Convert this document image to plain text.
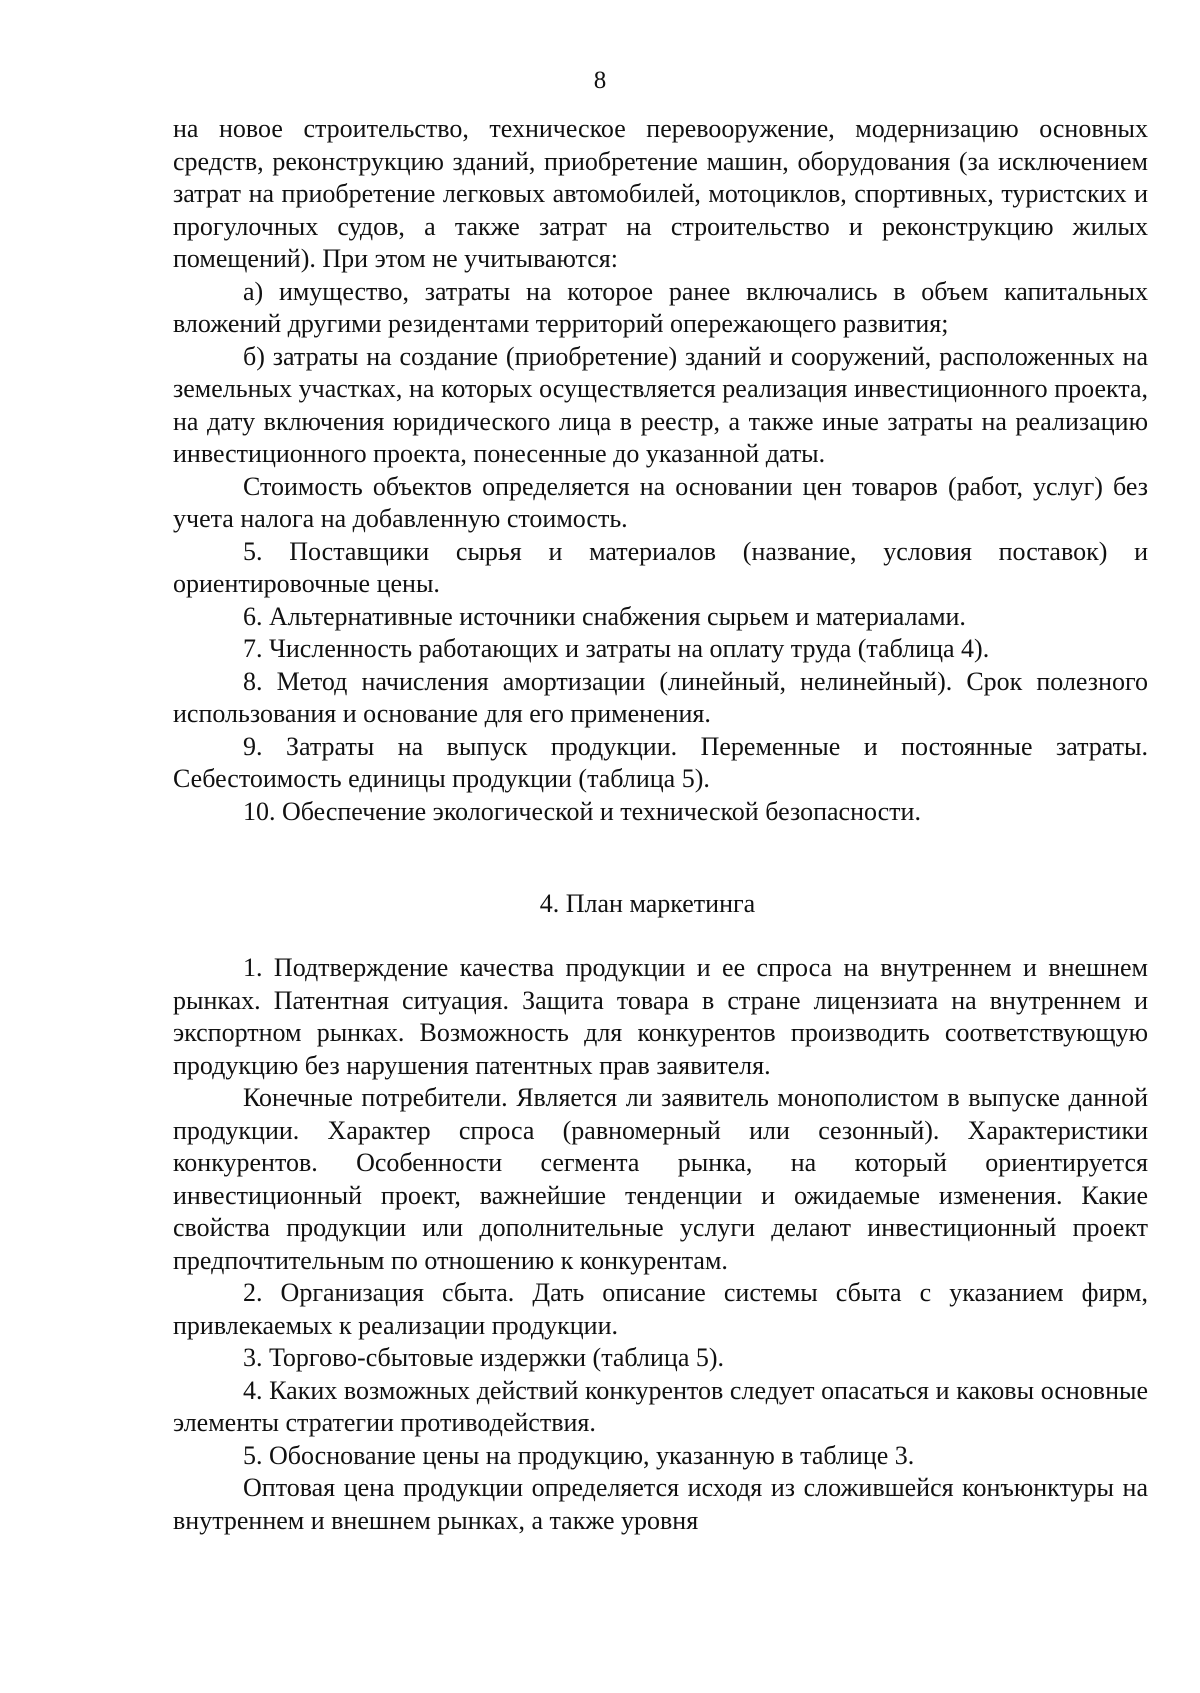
8

на новое строительство, техническое перевооружение, модернизацию основных средств, реконструкцию зданий, приобретение машин, оборудования (за исключением затрат на приобретение легковых автомобилей, мотоциклов, спортивных, туристских и прогулочных судов, а также затрат на строительство и реконструкцию жилых помещений). При этом не учитываются:

а) имущество, затраты на которое ранее включались в объем капитальных вложений другими резидентами территорий опережающего развития;

б) затраты на создание (приобретение) зданий и сооружений, расположенных на земельных участках, на которых осуществляется реализация инвестиционного проекта, на дату включения юридического лица в реестр, а также иные затраты на реализацию инвестиционного проекта, понесенные до указанной даты.

Стоимость объектов определяется на основании цен товаров (работ, услуг) без учета налога на добавленную стоимость.

5. Поставщики сырья и материалов (название, условия поставок) и ориентировочные цены.

6. Альтернативные источники снабжения сырьем и материалами.

7. Численность работающих и затраты на оплату труда (таблица 4).

8. Метод начисления амортизации (линейный, нелинейный). Срок полезного использования и основание для его применения.

9. Затраты на выпуск продукции. Переменные и постоянные затраты. Себестоимость единицы продукции (таблица 5).

10. Обеспечение экологической и технической безопасности.

4. План маркетинга

1. Подтверждение качества продукции и ее спроса на внутреннем и внешнем рынках. Патентная ситуация. Защита товара в стране лицензиата на внутреннем и экспортном рынках. Возможность для конкурентов производить соответствующую продукцию без нарушения патентных прав заявителя.

Конечные потребители. Является ли заявитель монополистом в выпуске данной продукции. Характер спроса (равномерный или сезонный). Характеристики конкурентов. Особенности сегмента рынка, на который ориентируется инвестиционный проект, важнейшие тенденции и ожидаемые изменения. Какие свойства продукции или дополнительные услуги делают инвестиционный проект предпочтительным по отношению к конкурентам.

2. Организация сбыта. Дать описание системы сбыта с указанием фирм, привлекаемых к реализации продукции.

3. Торгово-сбытовые издержки (таблица 5).

4. Каких возможных действий конкурентов следует опасаться и каковы основные элементы стратегии противодействия.

5. Обоснование цены на продукцию, указанную в таблице 3.

Оптовая цена продукции определяется исходя из сложившейся конъюнктуры на внутреннем и внешнем рынках, а также уровня
